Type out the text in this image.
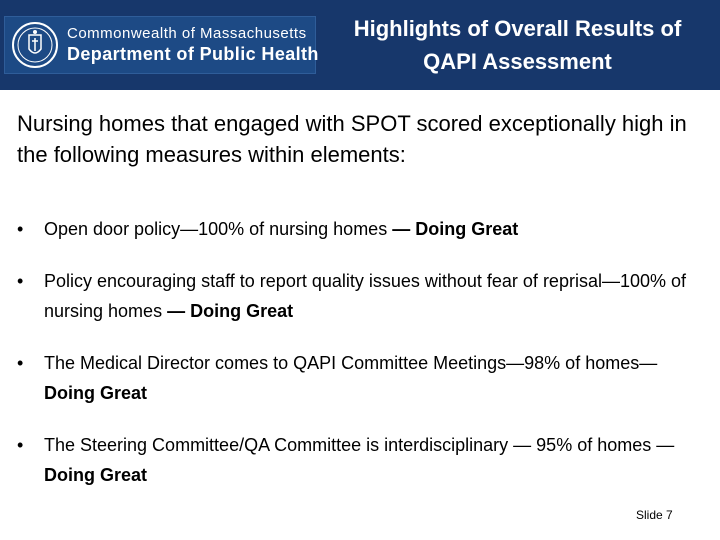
Commonwealth of Massachusetts
Department of Public Health
Highlights of Overall Results of
QAPI Assessment
Nursing homes that engaged with SPOT scored exceptionally high in the following measures within elements:
• Open door policy—100% of nursing homes — Doing Great
• Policy encouraging staff to report quality issues without fear of reprisal—100% of nursing homes — Doing Great
• The Medical Director comes to QAPI Committee Meetings—98% of homes— Doing Great
• The Steering Committee/QA Committee is interdisciplinary — 95% of homes —Doing Great
Slide 7
